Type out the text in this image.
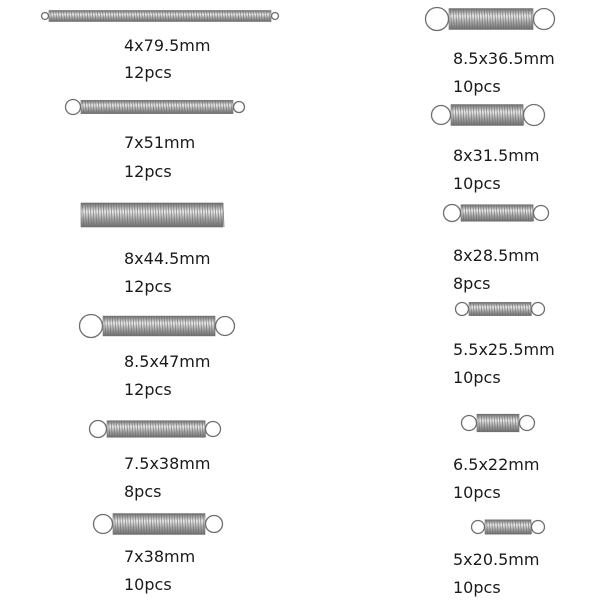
4x79.5mm
12pcs
7x51mm
12pcs
8x44.5mm
12pcs
8.5x47mm
12pcs
7.5x38mm
8pcs
7x38mm
10pcs
8.5x36.5mm
10pcs
8x31.5mm
10pcs
8x28.5mm
8pcs
5.5x25.5mm
10pcs
6.5x22mm
10pcs
5x20.5mm
10pcs
